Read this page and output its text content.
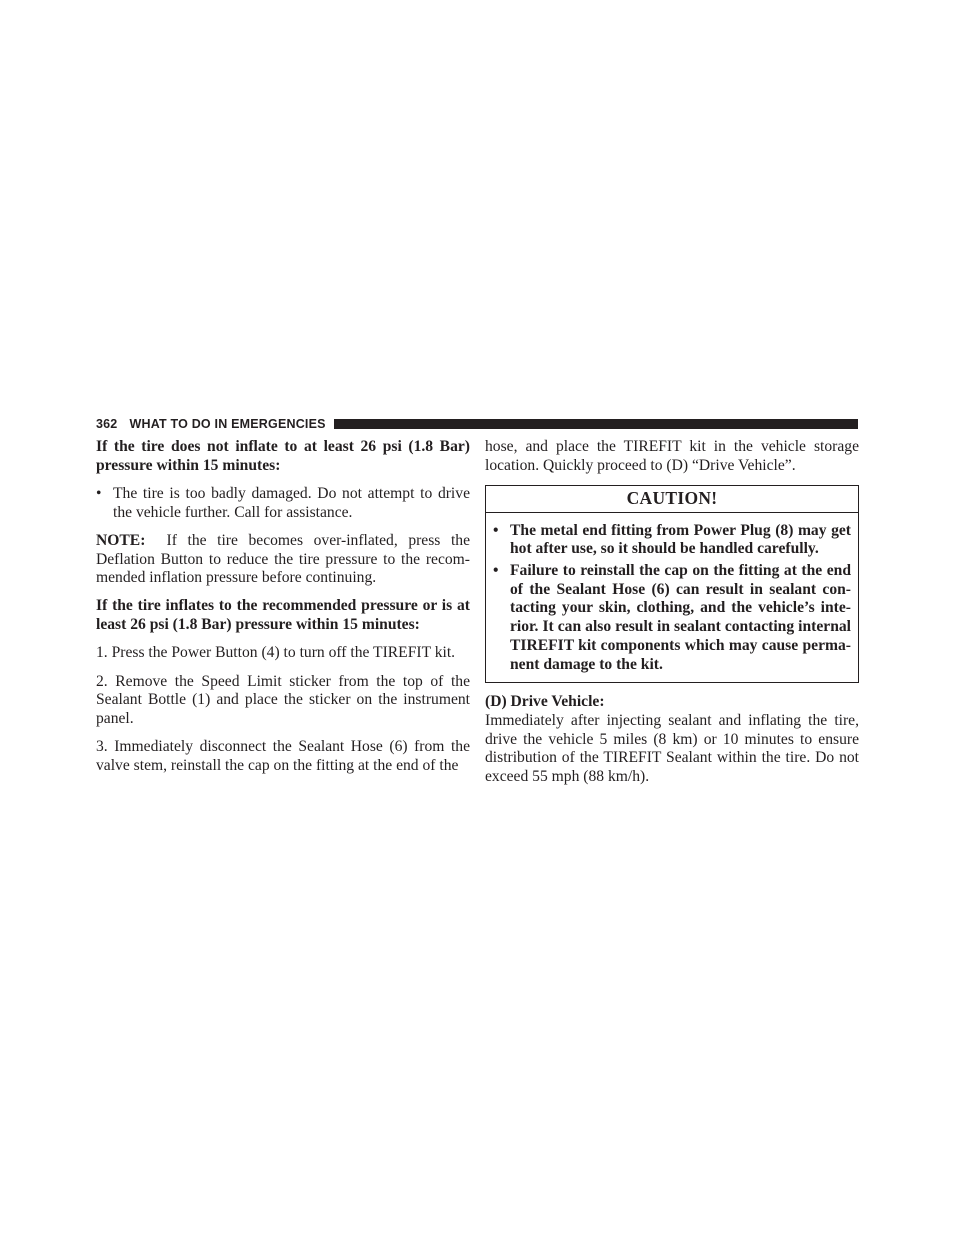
362 WHAT TO DO IN EMERGENCIES

If the tire does not inflate to at least 26 psi (1.8 Bar) pressure within 15 minutes:

• The tire is too badly damaged. Do not attempt to drive the vehicle further. Call for assistance.

NOTE: If the tire becomes over-inflated, press the Deflation Button to reduce the tire pressure to the recom-mended inflation pressure before continuing.

If the tire inflates to the recommended pressure or is at least 26 psi (1.8 Bar) pressure within 15 minutes:

1. Press the Power Button (4) to turn off the TIREFIT kit.

2. Remove the Speed Limit sticker from the top of the Sealant Bottle (1) and place the sticker on the instrument panel.

3. Immediately disconnect the Sealant Hose (6) from the valve stem, reinstall the cap on the fitting at the end of the

hose, and place the TIREFIT kit in the vehicle storage location. Quickly proceed to (D) “Drive Vehicle”.

CAUTION!
• The metal end fitting from Power Plug (8) may get hot after use, so it should be handled carefully.
• Failure to reinstall the cap on the fitting at the end of the Sealant Hose (6) can result in sealant con-tacting your skin, clothing, and the vehicle’s inte-rior. It can also result in sealant contacting internal TIREFIT kit components which may cause perma-nent damage to the kit.

(D) Drive Vehicle:

Immediately after injecting sealant and inflating the tire, drive the vehicle 5 miles (8 km) or 10 minutes to ensure distribution of the TIREFIT Sealant within the tire. Do not exceed 55 mph (88 km/h).
